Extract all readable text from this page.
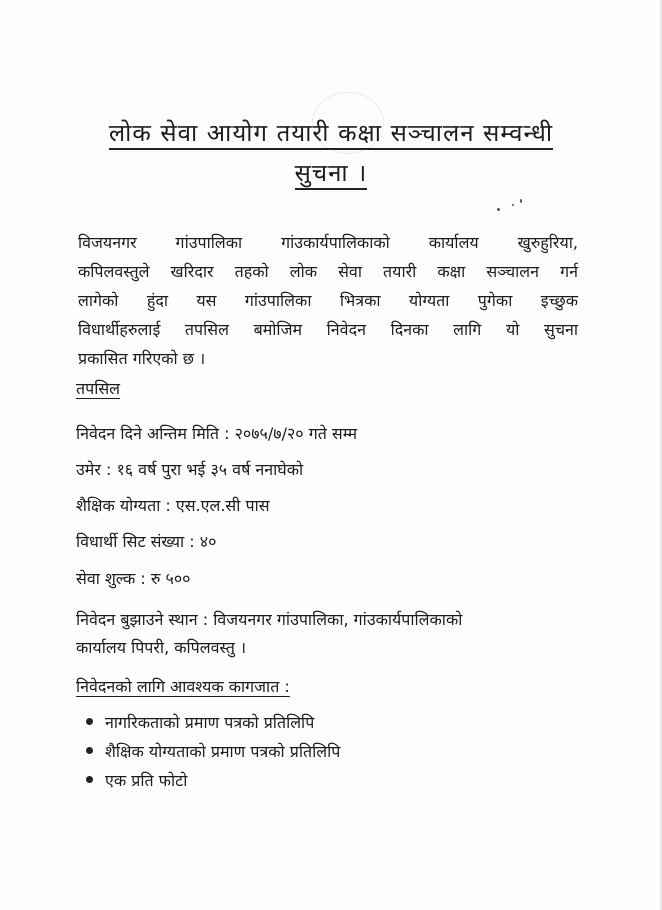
लोक सेवा आयोग तयारी कक्षा सञ्चालन सम्वन्धी
सुचना ।
विजयनगर गांउपालिका गांउकार्यपालिकाको कार्यालय खुरुहुरिया,
कपिलवस्तुले खरिदार तहको लोक सेवा तयारी कक्षा सञ्चालन गर्न
लागेको हुंदा यस गांउपालिका भित्रका योग्यता पुगेका इच्छुक
विधार्थीहरुलाई तपसिल बमोजिम निवेदन दिनका लागि यो सुचना
प्रकासित गरिएको छ ।
तपसिल
निवेदन दिने अन्तिम मिति : २०७५/७/२० गते सम्म
उमेर : १६ वर्ष पुरा भई ३५ वर्ष ननाघेको
शैक्षिक योग्यता : एस.एल.सी पास
विधार्थी सिट संख्या : ४०
सेवा शुल्क : रु ५००
निवेदन बुझाउने स्थान : विजयनगर गांउपालिका, गांउकार्यपालिकाको
कार्यालय पिपरी, कपिलवस्तु ।
निवेदनको लागि आवश्यक कागजात :
नागरिकताको प्रमाण पत्रको प्रतिलिपि
शैक्षिक योग्यताको प्रमाण पत्रको प्रतिलिपि
एक प्रति फोटो
